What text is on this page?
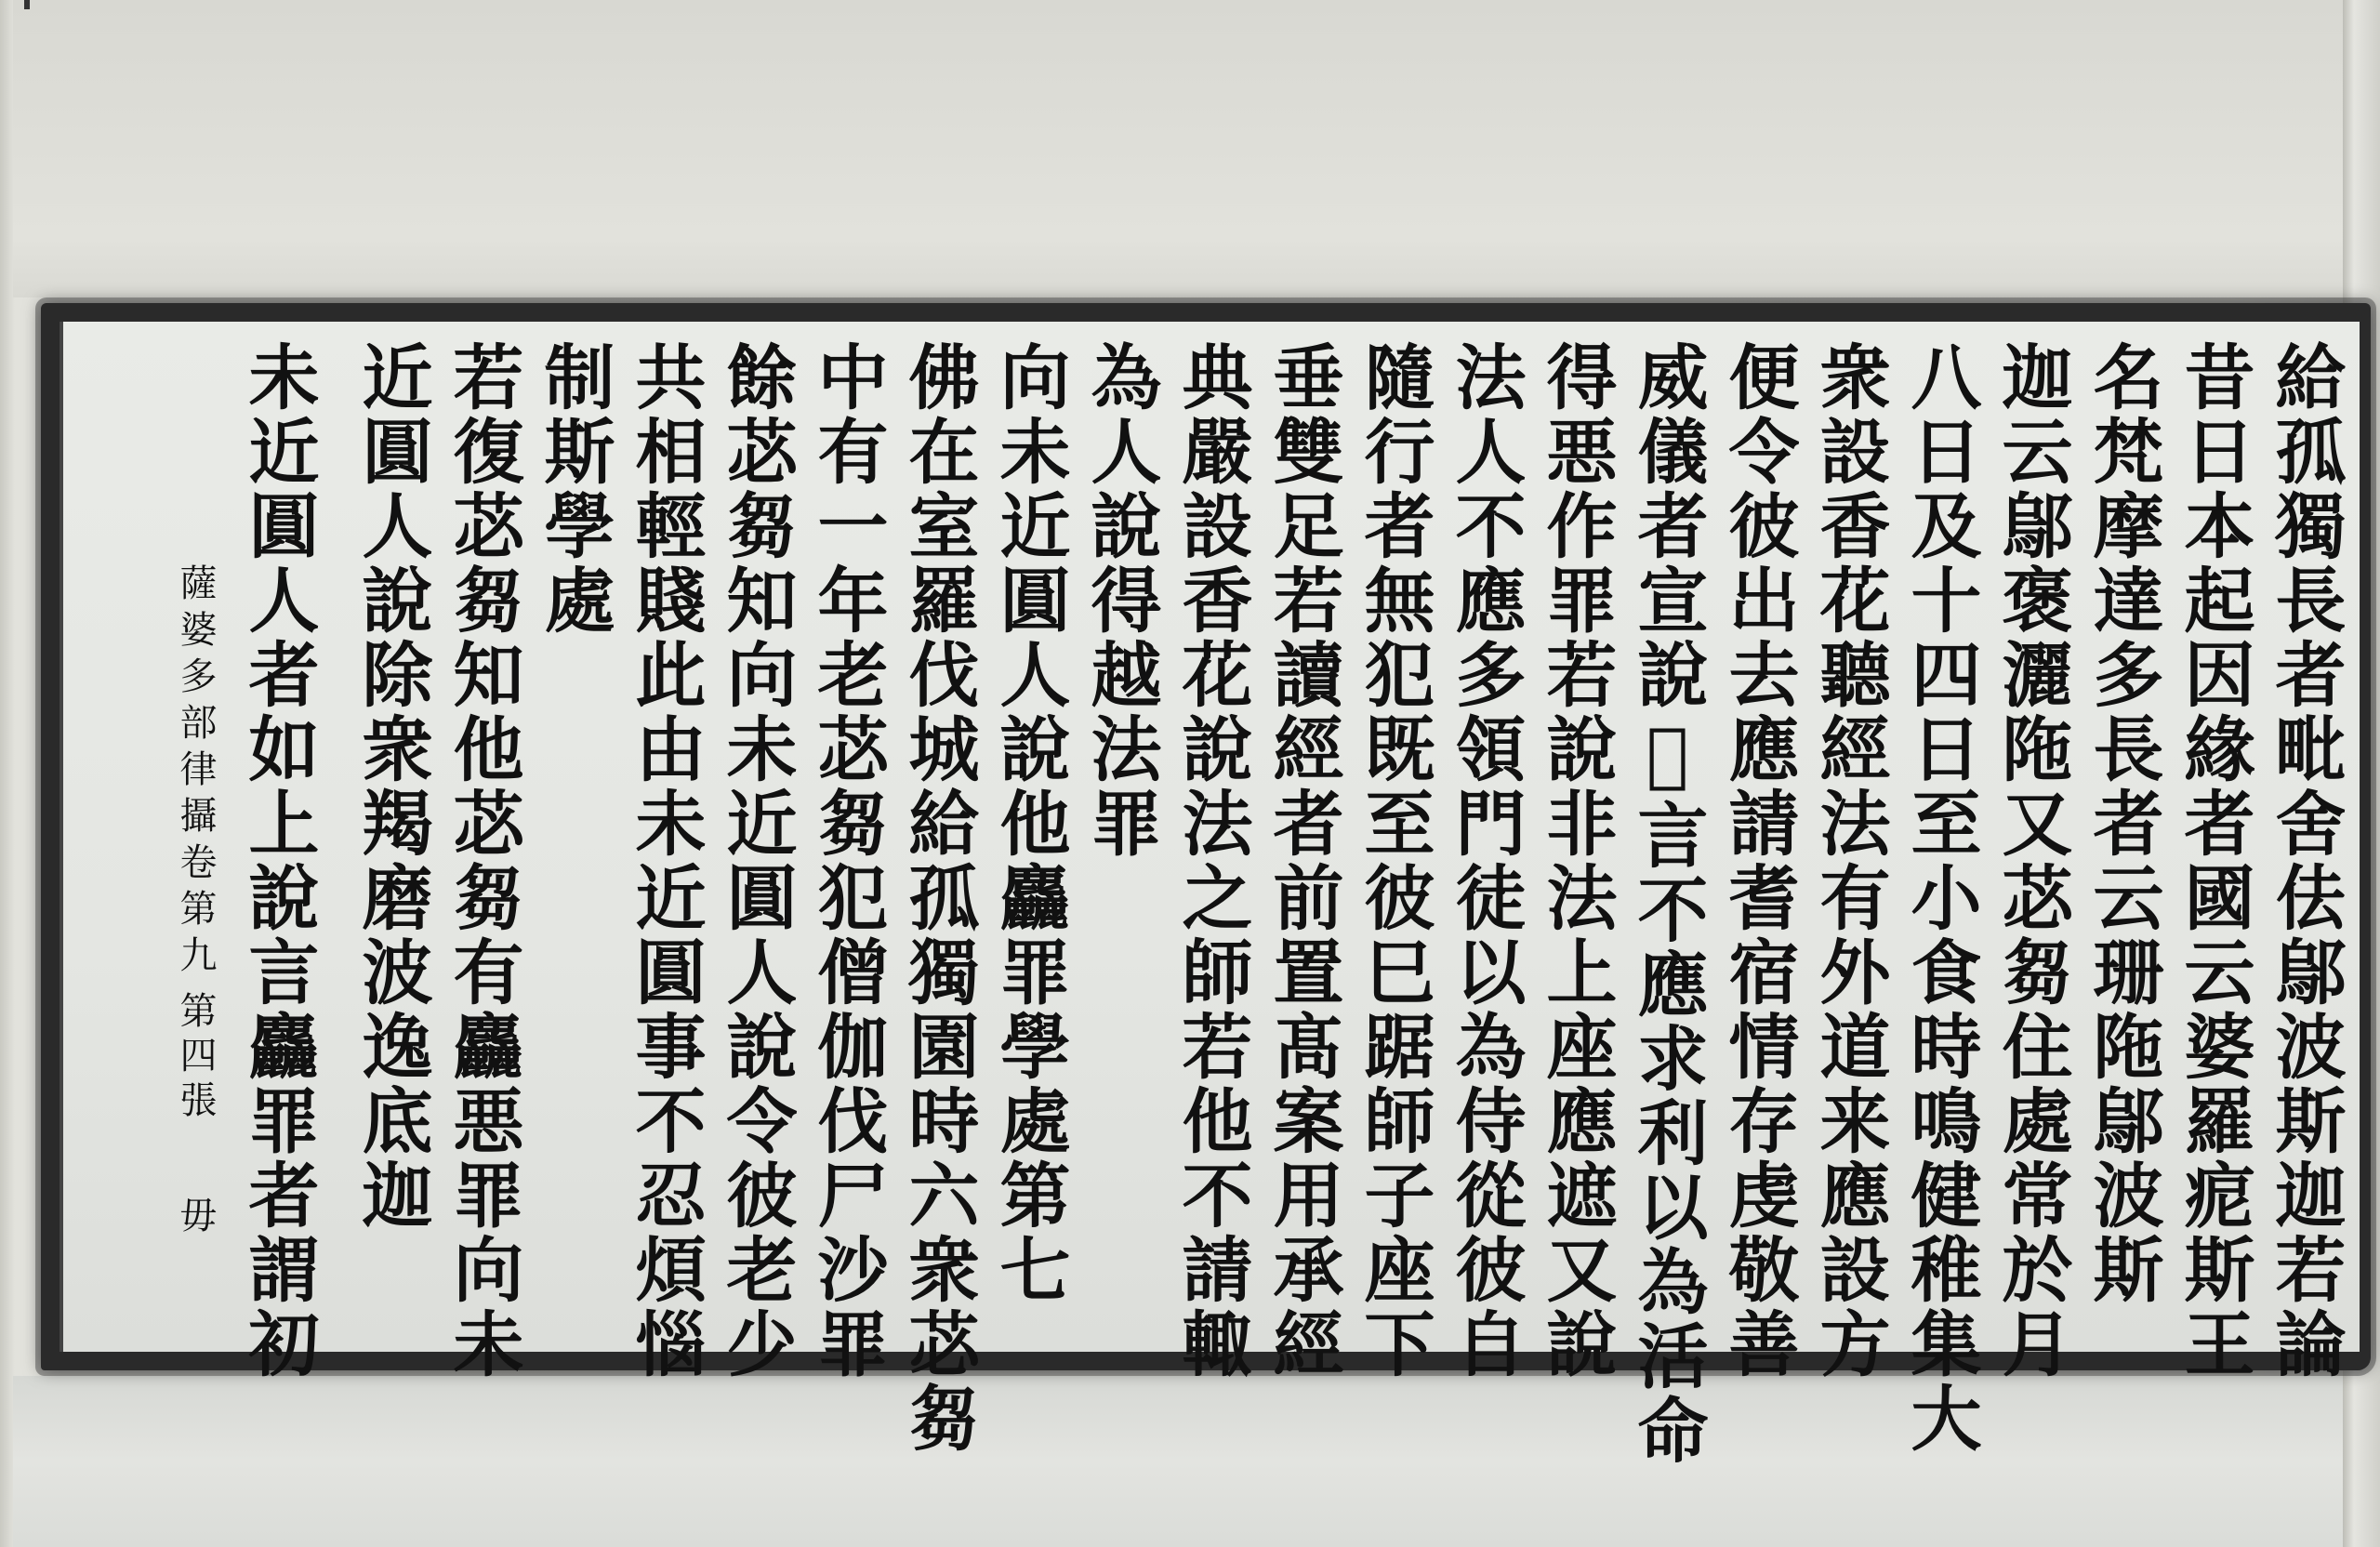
給孤獨長者毗舍佉鄔波斯迦若論
昔日本起因緣者國云婆羅痆斯王
名梵摩達多長者云珊陁鄔波斯
迦云鄔褒灑陁又苾芻住處常於月
八日及十四日至小食時鳴健稚集大
衆設香花聽經法有外道来應設方
便令彼出去應請耆宿情存虔敬善
威儀者宣說𦂺言不應求利以為活命
得悪作罪若說非法上座應遮又說
法人不應多領門徒以為侍從彼自
隨行者無犯既至彼巳踞師子座下
垂雙足若讀經者前置髙案用承經
典嚴設香花說法之師若他不請輙
為人說得越法罪
向未近圓人說他麤罪學處第七
佛在室羅伐城給孤獨園時六衆苾芻
中有一年老苾芻犯僧伽伐尸沙罪
餘苾芻知向未近圓人說令彼老少
共相輕賤此由未近圓事不忍煩惱
制斯學處
若復苾芻知他苾芻有麤悪罪向未
近圓人說除衆羯磨波逸底迦
未近圓人者如上說言麤罪者謂初
薩婆多部律攝卷第九
第四張
毋
